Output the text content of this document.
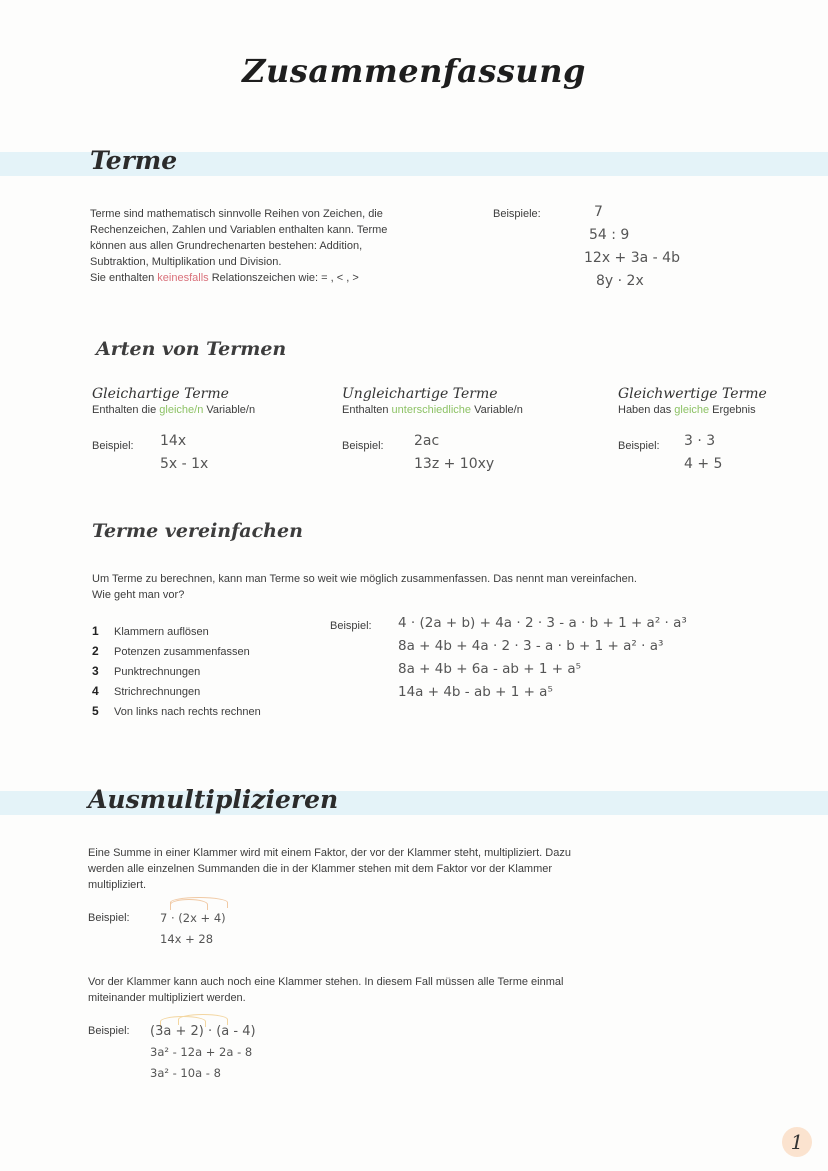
Zusammenfassung
Terme
Terme sind mathematisch sinnvolle Reihen von Zeichen, die
Rechenzeichen, Zahlen und Variablen enthalten kann. Terme
können aus allen Grundrechenarten bestehen: Addition,
Subtraktion, Multiplikation und Division.
Sie enthalten keinesfalls Relationszeichen wie: = , < , >
Beispiele:	7
54 : 9
12x + 3a - 4b
8y · 2x
Arten von Termen
Gleichartige Terme
Enthalten die gleiche/n Variable/n
Beispiel: 14x
5x - 1x
Ungleichartige Terme
Enthalten unterschiedliche Variable/n
Beispiel: 2ac
13z + 10xy
Gleichwertige Terme
Haben das gleiche Ergebnis
Beispiel: 3 · 3
4 + 5
Terme vereinfachen
Um Terme zu berechnen, kann man Terme so weit wie möglich zusammenfassen. Das nennt man vereinfachen.
Wie geht man vor?
1 Klammern auflösen
2 Potenzen zusammenfassen
3 Punktrechnungen
4 Strichrechnungen
5 Von links nach rechts rechnen
Beispiel: 4 · (2a + b) + 4a · 2 · 3 - a · b + 1 + a² · a³
8a + 4b + 4a · 2 · 3 - a · b + 1 + a² · a³
8a + 4b + 6a - ab + 1 + a⁵
14a + 4b - ab + 1 + a⁵
Ausmultiplizieren
Eine Summe in einer Klammer wird mit einem Faktor, der vor der Klammer steht, multipliziert. Dazu
werden alle einzelnen Summanden die in der Klammer stehen mit dem Faktor vor der Klammer
multipliziert.
Beispiel:	7 · (2x + 4)
14x + 28
Vor der Klammer kann auch noch eine Klammer stehen. In diesem Fall müssen alle Terme einmal
miteinander multipliziert werden.
Beispiel: (3a + 2) · (a - 4)
3a² - 12a + 2a - 8
3a² - 10a - 8
1
